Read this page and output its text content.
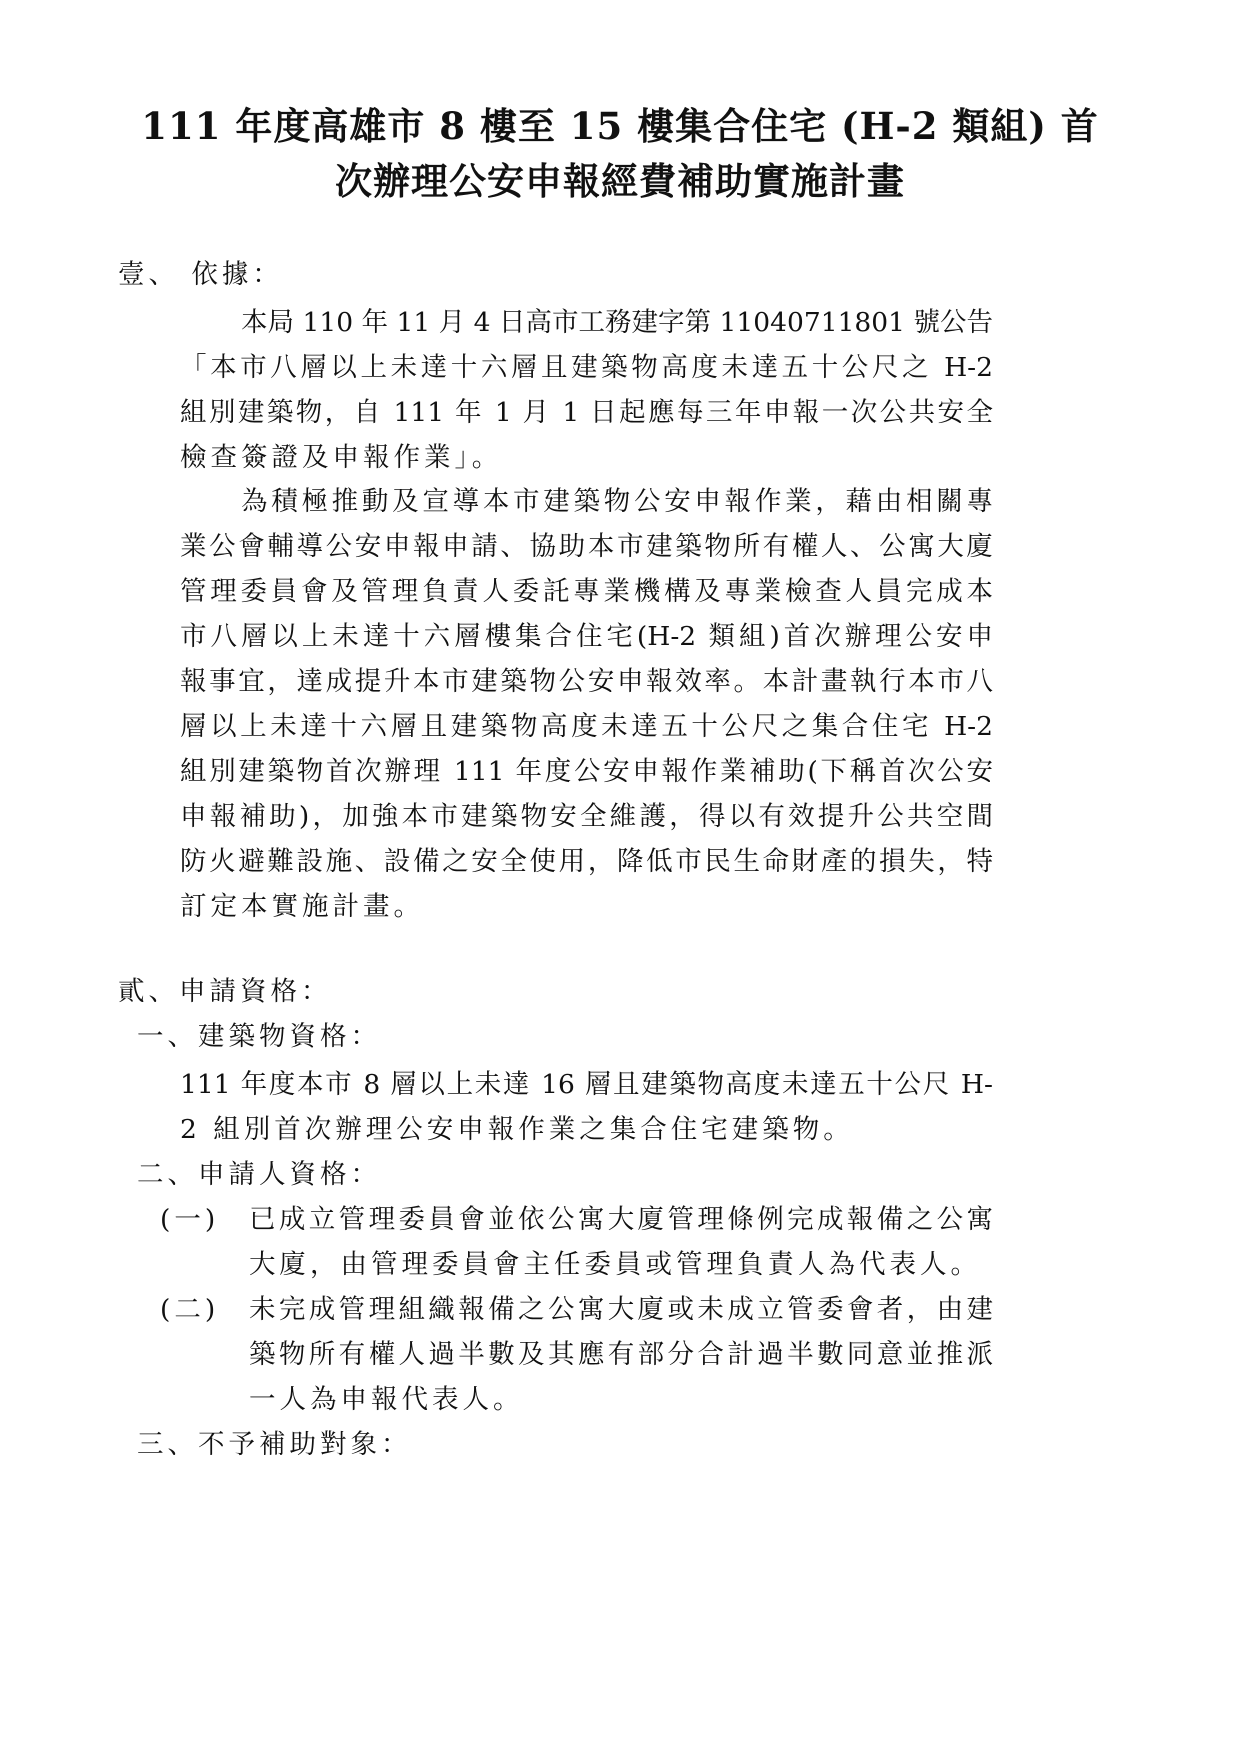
111 年度高雄市 8 樓至 15 樓集合住宅 (H-2 類組) 首
次辦理公安申報經費補助實施計畫
壹、 依據：
本局 110 年 11 月 4 日高市工務建字第 11040711801 號公告
「本市八層以上未達十六層且建築物高度未達五十公尺之 H-2
組別建築物，自 111 年 1 月 1 日起應每三年申報一次公共安全
檢查簽證及申報作業」。
為積極推動及宣導本市建築物公安申報作業，藉由相關專
業公會輔導公安申報申請、協助本市建築物所有權人、公寓大廈
管理委員會及管理負責人委託專業機構及專業檢查人員完成本
市八層以上未達十六層樓集合住宅(H-2 類組)首次辦理公安申
報事宜，達成提升本市建築物公安申報效率。本計畫執行本市八
層以上未達十六層且建築物高度未達五十公尺之集合住宅 H-2
組別建築物首次辦理 111 年度公安申報作業補助(下稱首次公安
申報補助)，加強本市建築物安全維護，得以有效提升公共空間
防火避難設施、設備之安全使用，降低市民生命財產的損失，特
訂定本實施計畫。
貳、申請資格：
一、建築物資格：
111 年度本市 8 層以上未達 16 層且建築物高度未達五十公尺 H-
2 組別首次辦理公安申報作業之集合住宅建築物。
二、申請人資格：
(一) 已成立管理委員會並依公寓大廈管理條例完成報備之公寓
大廈，由管理委員會主任委員或管理負責人為代表人。
(二) 未完成管理組織報備之公寓大廈或未成立管委會者，由建
築物所有權人過半數及其應有部分合計過半數同意並推派
一人為申報代表人。
三、不予補助對象：
